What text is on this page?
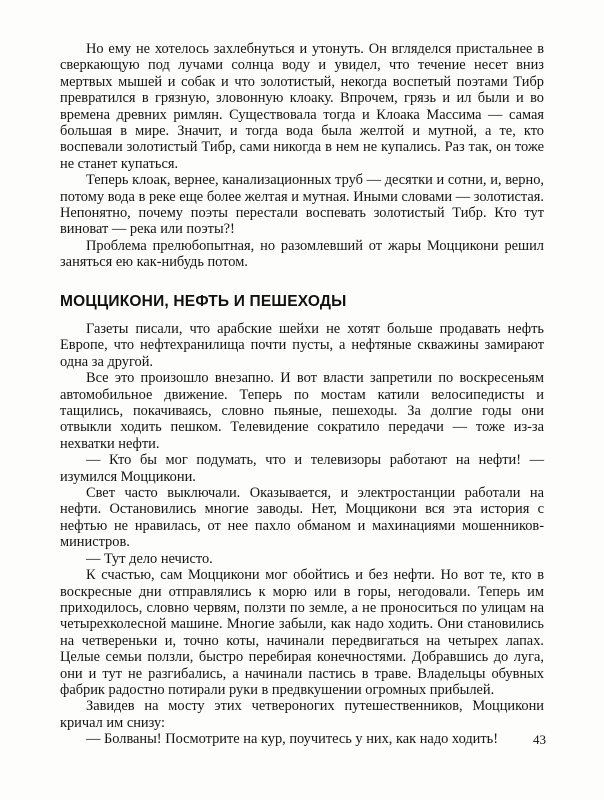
Но ему не хотелось захлебнуться и утонуть. Он вгляделся пристальнее в сверкающую под лучами солнца воду и увидел, что течение несет вниз мертвых мышей и собак и что золотистый, некогда воспетый поэтами Тибр превратился в грязную, зловонную клоаку. Впрочем, грязь и ил были и во времена древних римлян. Существовала тогда и Клоака Массима — самая большая в мире. Значит, и тогда вода была желтой и мутной, а те, кто воспевали золотистый Тибр, сами никогда в нем не купались. Раз так, он тоже не станет купаться.

Теперь клоак, вернее, канализационных труб — десятки и сотни, и, верно, потому вода в реке еще более желтая и мутная. Иными словами — золотистая. Непонятно, почему поэты перестали воспевать золотистый Тибр. Кто тут виноват — река или поэты?!

Проблема прелюбопытная, но разомлевший от жары Моццикони решил заняться ею как-нибудь потом.

МОЦЦИКОНИ, НЕФТЬ И ПЕШЕХОДЫ

Газеты писали, что арабские шейхи не хотят больше продавать нефть Европе, что нефтехранилища почти пусты, а нефтяные скважины замирают одна за другой.

Все это произошло внезапно. И вот власти запретили по воскресеньям автомобильное движение. Теперь по мостам катили велосипедисты и тащились, покачиваясь, словно пьяные, пешеходы. За долгие годы они отвыкли ходить пешком. Телевидение сократило передачи — тоже из-за нехватки нефти.

— Кто бы мог подумать, что и телевизоры работают на нефти! — изумился Моццикони.

Свет часто выключали. Оказывается, и электростанции работали на нефти. Остановились многие заводы. Нет, Моццикони вся эта история с нефтью не нравилась, от нее пахло обманом и махинациями мошенников-министров.

— Тут дело нечисто.

К счастью, сам Моццикони мог обойтись и без нефти. Но вот те, кто в воскресные дни отправлялись к морю или в горы, негодовали. Теперь им приходилось, словно червям, ползти по земле, а не проноситься по улицам на четырехколесной машине. Многие забыли, как надо ходить. Они становились на четвереньки и, точно коты, начинали передвигаться на четырех лапах. Целые семьи ползли, быстро перебирая конечностями. Добравшись до луга, они и тут не разгибались, а начинали пастись в траве. Владельцы обувных фабрик радостно потирали руки в предвкушении огромных прибылей.

Завидев на мосту этих четвероногих путешественников, Моццикони кричал им снизу:

— Болваны! Посмотрите на кур, поучитесь у них, как надо ходить!	43
